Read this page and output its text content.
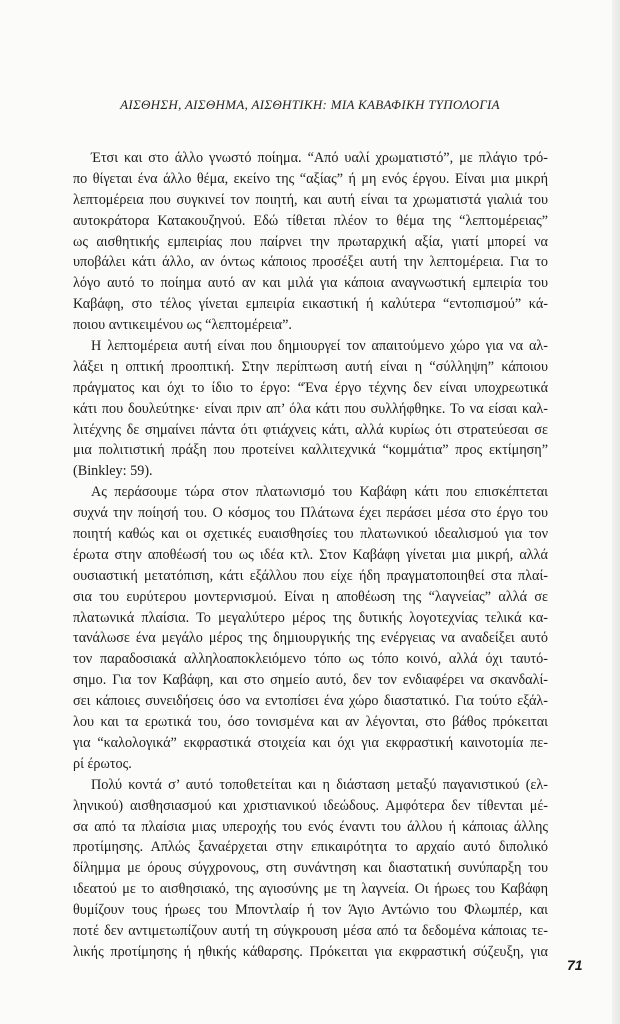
ΑΙΣΘΗΣΗ, ΑΙΣΘΗΜΑ, ΑΙΣΘΗΤΙΚΗ: ΜΙΑ ΚΑΒΑΦΙΚΗ ΤΥΠΟΛΟΓΙΑ
Έτσι και στο άλλο γνωστό ποίημα. “Από υαλί χρωματιστό”, με πλάγιο τρό-
πο θίγεται ένα άλλο θέμα, εκείνο της “αξίας” ή μη ενός έργου. Είναι μια μικρή
λεπτομέρεια που συγκινεί τον ποιητή, και αυτή είναι τα χρωματιστά γιαλιά του
αυτοκράτορα Κατακουζηνού. Εδώ τίθεται πλέον το θέμα της “λεπτομέρειας”
ως αισθητικής εμπειρίας που παίρνει την πρωταρχική αξία, γιατί μπορεί να
υποβάλει κάτι άλλο, αν όντως κάποιος προσέξει αυτή την λεπτομέρεια. Για το
λόγο αυτό το ποίημα αυτό αν και μιλά για κάποια αναγνωστική εμπειρία του
Καβάφη, στο τέλος γίνεται εμπειρία εικαστική ή καλύτερα “εντοπισμού” κά-
ποιου αντικειμένου ως “λεπτομέρεια”.
Η λεπτομέρεια αυτή είναι που δημιουργεί τον απαιτούμενο χώρο για να αλ-
λάξει η οπτική προοπτική. Στην περίπτωση αυτή είναι η “σύλληψη” κάποιου
πράγματος και όχι το ίδιο το έργο: “Ένα έργο τέχνης δεν είναι υποχρεωτικά
κάτι που δουλεύτηκε· είναι πριν απ’ όλα κάτι που συλλήφθηκε. Το να είσαι καλ-
λιτέχνης δε σημαίνει πάντα ότι φτιάχνεις κάτι, αλλά κυρίως ότι στρατεύεσαι σε
μια πολιτιστική πράξη που προτείνει καλλιτεχνικά “κομμάτια” προς εκτίμηση”
(Binkley: 59).
Ας περάσουμε τώρα στον πλατωνισμό του Καβάφη κάτι που επισκέπτεται
συχνά την ποίησή του. Ο κόσμος του Πλάτωνα έχει περάσει μέσα στο έργο του
ποιητή καθώς και οι σχετικές ευαισθησίες του πλατωνικού ιδεαλισμού για τον
έρωτα στην αποθέωσή του ως ιδέα κτλ. Στον Καβάφη γίνεται μια μικρή, αλλά
ουσιαστική μετατόπιση, κάτι εξάλλου που είχε ήδη πραγματοποιηθεί στα πλαί-
σια του ευρύτερου μοντερνισμού. Είναι η αποθέωση της “λαγνείας” αλλά σε
πλατωνικά πλαίσια. Το μεγαλύτερο μέρος της δυτικής λογοτεχνίας τελικά κα-
τανάλωσε ένα μεγάλο μέρος της δημιουργικής της ενέργειας να αναδείξει αυτό
τον παραδοσιακά αλληλοαποκλειόμενο τόπο ως τόπο κοινό, αλλά όχι ταυτό-
σημο. Για τον Καβάφη, και στο σημείο αυτό, δεν τον ενδιαφέρει να σκανδαλί-
σει κάποιες συνειδήσεις όσο να εντοπίσει ένα χώρο διαστατικό. Για τούτο εξάλ-
λου και τα ερωτικά του, όσο τονισμένα και αν λέγονται, στο βάθος πρόκειται
για “καλολογικά” εκφραστικά στοιχεία και όχι για εκφραστική καινοτομία πε-
ρί έρωτος.
Πολύ κοντά σ’ αυτό τοποθετείται και η διάσταση μεταξύ παγανιστικού (ελ-
ληνικού) αισθησιασμού και χριστιανικού ιδεώδους. Αμφότερα δεν τίθενται μέ-
σα από τα πλαίσια μιας υπεροχής του ενός έναντι του άλλου ή κάποιας άλλης
προτίμησης. Απλώς ξαναέρχεται στην επικαιρότητα το αρχαίο αυτό διπολικό
δίλημμα με όρους σύγχρονους, στη συνάντηση και διαστατική συνύπαρξη του
ιδεατού με το αισθησιακό, της αγιοσύνης με τη λαγνεία. Οι ήρωες του Καβάφη
θυμίζουν τους ήρωες του Μποντλαίρ ή τον Άγιο Αντώνιο του Φλωμπέρ, και
ποτέ δεν αντιμετωπίζουν αυτή τη σύγκρουση μέσα από τα δεδομένα κάποιας τε-
λικής προτίμησης ή ηθικής κάθαρσης. Πρόκειται για εκφραστική σύζευξη, για
71
